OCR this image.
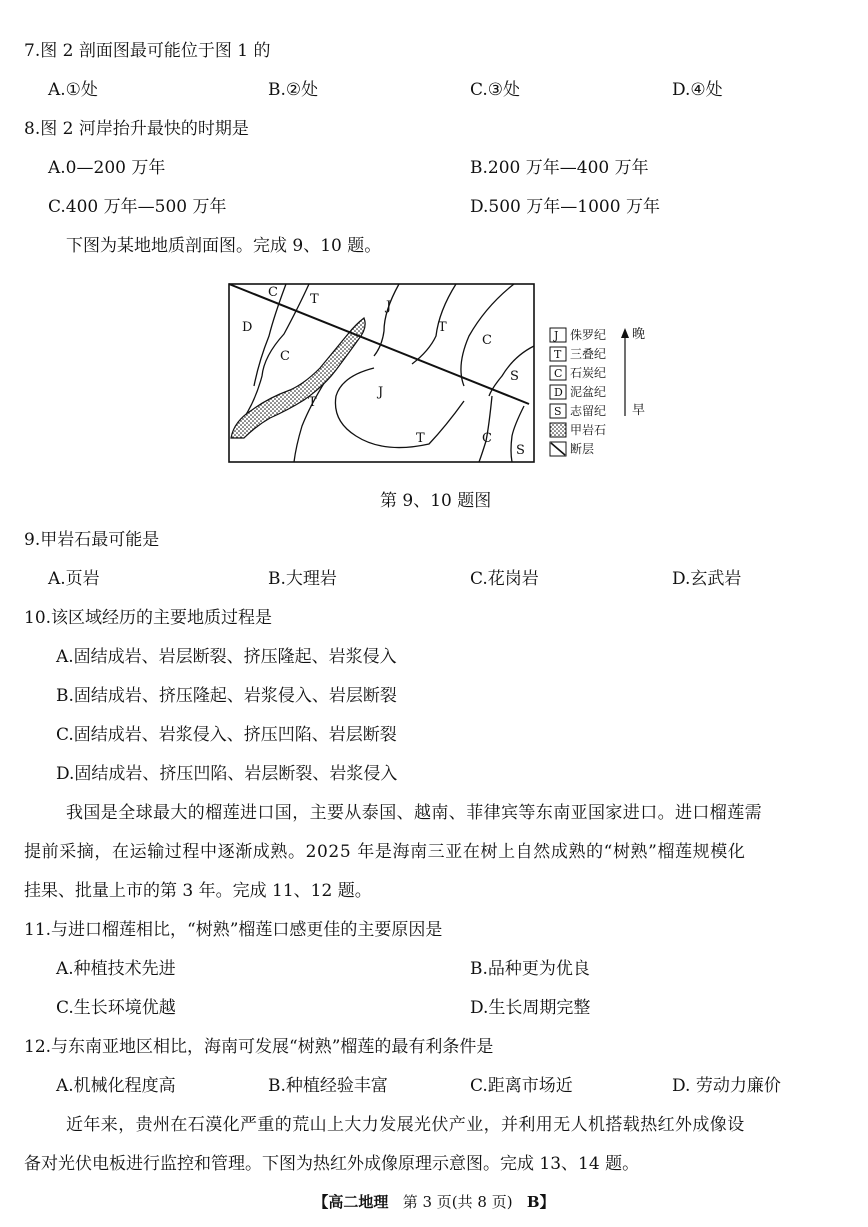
7.图 2 剖面图最可能位于图 1 的
A.①处	B.②处	C.③处	D.④处
8.图 2 河岸抬升最快的时期是
A.0—200 万年	B.200 万年—400 万年
C.400 万年—500 万年	D.500 万年—1000 万年
下图为某地地质剖面图。完成 9、10 题。
C T	J
D
C
T
C
T
J
S
T	C
S
J 侏罗纪
T 三叠纪
C 石炭纪
D 泥盆纪
S 志留纪
甲岩石
断层
晚
早
第 9、10 题图
9.甲岩石最可能是
A.页岩	B.大理岩	C.花岗岩	D.玄武岩
10.该区域经历的主要地质过程是
A.固结成岩、岩层断裂、挤压隆起、岩浆侵入
B.固结成岩、挤压隆起、岩浆侵入、岩层断裂
C.固结成岩、岩浆侵入、挤压凹陷、岩层断裂
D.固结成岩、挤压凹陷、岩层断裂、岩浆侵入
我国是全球最大的榴莲进口国，主要从泰国、越南、菲律宾等东南亚国家进口。进口榴莲需
提前采摘，在运输过程中逐渐成熟。2025 年是海南三亚在树上自然成熟的“树熟”榴莲规模化
挂果、批量上市的第 3 年。完成 11、12 题。
11.与进口榴莲相比，“树熟”榴莲口感更佳的主要原因是
A.种植技术先进	B.品种更为优良
C.生长环境优越	D.生长周期完整
12.与东南亚地区相比，海南可发展“树熟”榴莲的最有利条件是
A.机械化程度高	B.种植经验丰富	C.距离市场近	D. 劳动力廉价
近年来，贵州在石漠化严重的荒山上大力发展光伏产业，并利用无人机搭载热红外成像设
备对光伏电板进行监控和管理。下图为热红外成像原理示意图。完成 13、14 题。
【高二地理 第 3 页(共 8 页) B】
